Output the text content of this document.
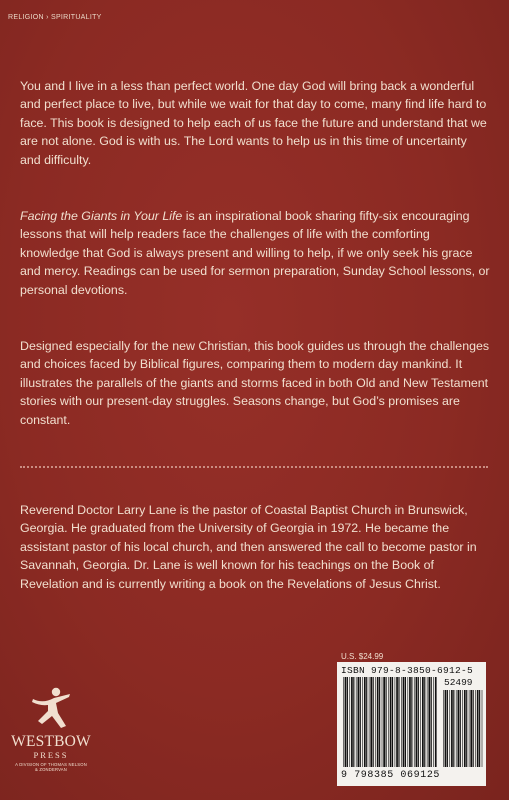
RELIGION › SPIRITUALITY

You and I live in a less than perfect world. One day God will bring back a wonderful and perfect place to live, but while we wait for that day to come, many find life hard to face. This book is designed to help each of us face the future and understand that we are not alone. God is with us. The Lord wants to help us in this time of uncertainty and difficulty.

Facing the Giants in Your Life is an inspirational book sharing fifty-six encouraging lessons that will help readers face the challenges of life with the comforting knowledge that God is always present and willing to help, if we only seek his grace and mercy. Readings can be used for sermon preparation, Sunday School lessons, or personal devotions.

Designed especially for the new Christian, this book guides us through the challenges and choices faced by Biblical figures, comparing them to modern day mankind. It illustrates the parallels of the giants and storms faced in both Old and New Testament stories with our present-day struggles. Seasons change, but God’s promises are constant.

Reverend Doctor Larry Lane is the pastor of Coastal Baptist Church in Brunswick, Georgia. He graduated from the University of Georgia in 1972. He became the assistant pastor of his local church, and then answered the call to become pastor in Savannah, Georgia. Dr. Lane is well known for his teachings on the Book of Revelation and is currently writing a book on the Revelations of Jesus Christ.

U.S. $24.99
ISBN 979-8-3850-6912-5
52499
9 798385 069125
WESTBOW
PRESS
A DIVISION OF THOMAS NELSON
& ZONDERVAN
